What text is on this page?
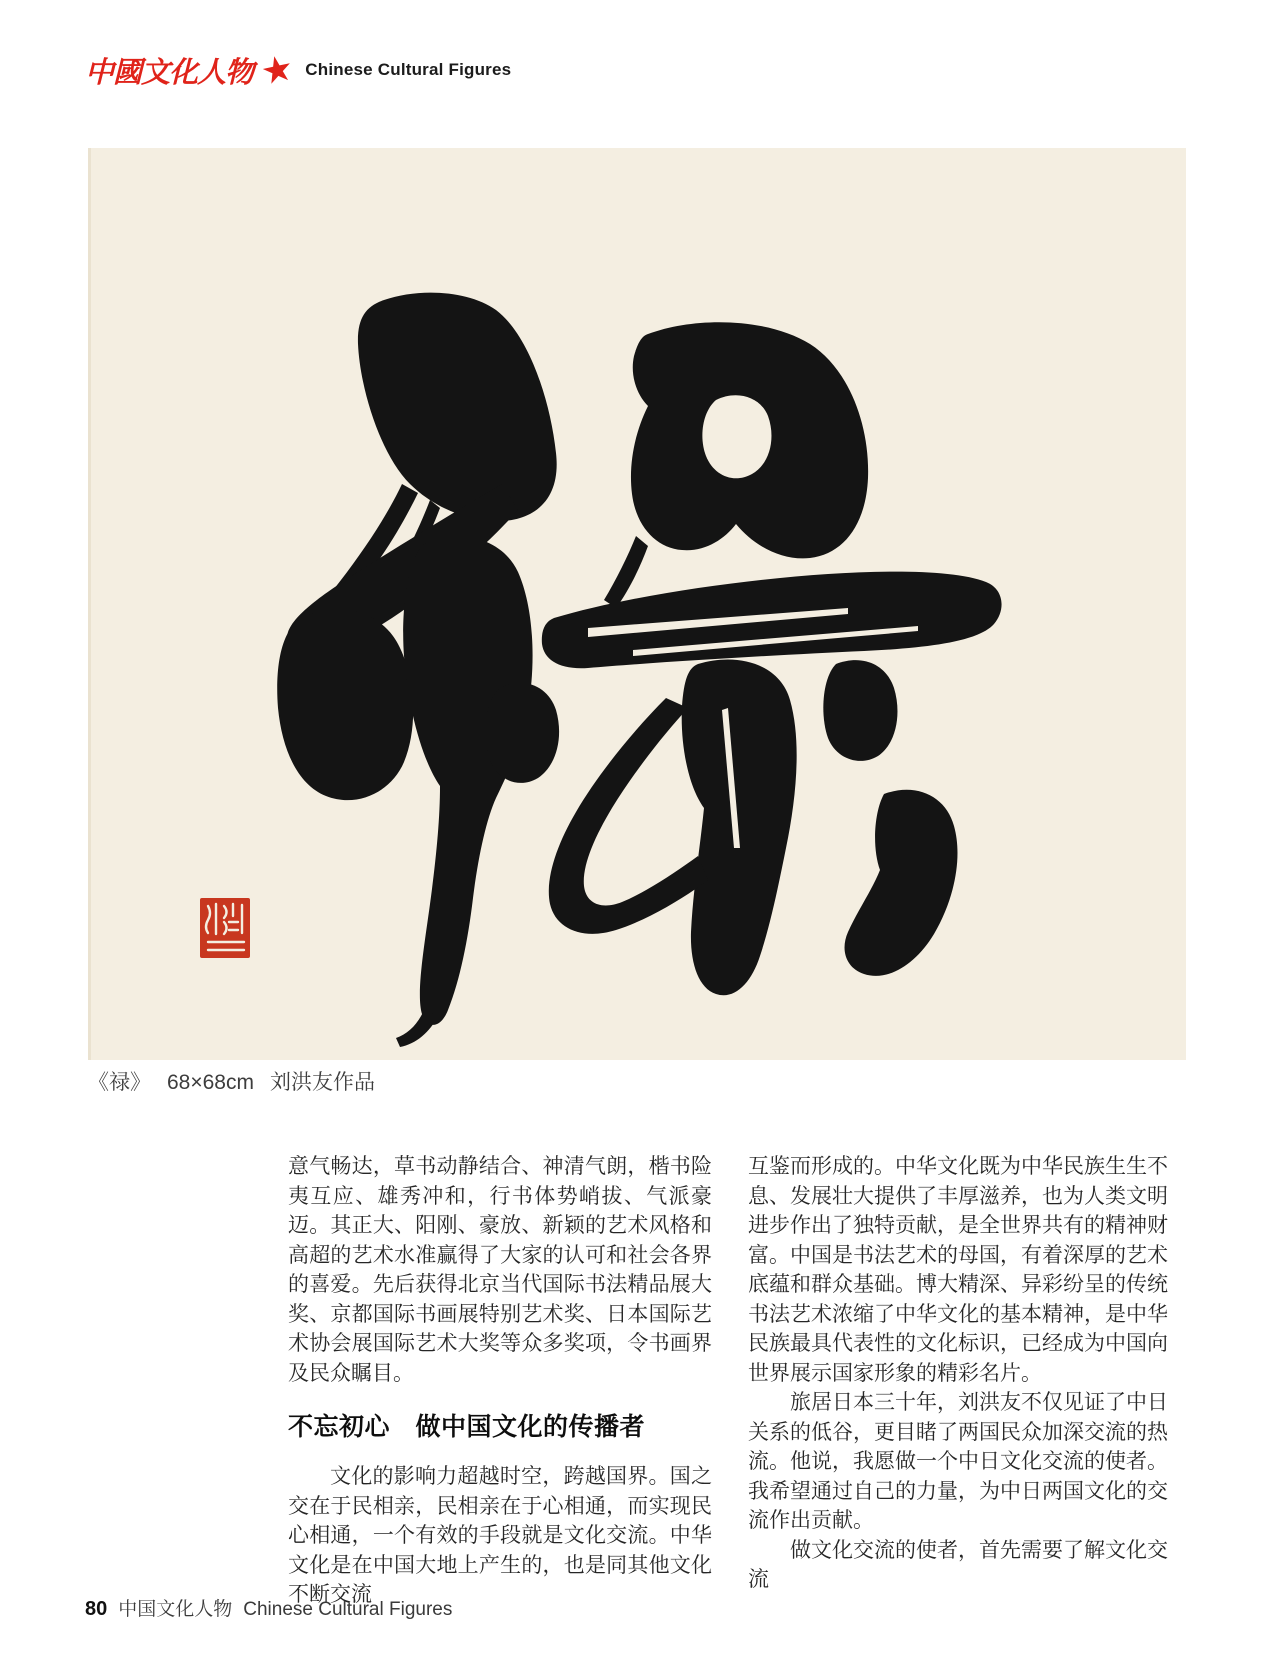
中國文化人物 ★ Chinese Cultural Figures
《禄》 68×68cm 刘洪友作品

意气畅达，草书动静结合、神清气朗，楷书险夷互应、雄秀冲和，行书体势峭拔、气派豪迈。其正大、阳刚、豪放、新颖的艺术风格和高超的艺术水准赢得了大家的认可和社会各界的喜爱。先后获得北京当代国际书法精品展大奖、京都国际书画展特别艺术奖、日本国际艺术协会展国际艺术大奖等众多奖项，令书画界及民众瞩目。

不忘初心　做中国文化的传播者

文化的影响力超越时空，跨越国界。国之交在于民相亲，民相亲在于心相通，而实现民心相通，一个有效的手段就是文化交流。中华文化是在中国大地上产生的，也是同其他文化不断交流

互鉴而形成的。中华文化既为中华民族生生不息、发展壮大提供了丰厚滋养，也为人类文明进步作出了独特贡献，是全世界共有的精神财富。中国是书法艺术的母国，有着深厚的艺术底蕴和群众基础。博大精深、异彩纷呈的传统书法艺术浓缩了中华文化的基本精神，是中华民族最具代表性的文化标识，已经成为中国向世界展示国家形象的精彩名片。

旅居日本三十年，刘洪友不仅见证了中日关系的低谷，更目睹了两国民众加深交流的热流。他说，我愿做一个中日文化交流的使者。我希望通过自己的力量，为中日两国文化的交流作出贡献。

做文化交流的使者，首先需要了解文化交流

80 中国文化人物 Chinese Cultural Figures
